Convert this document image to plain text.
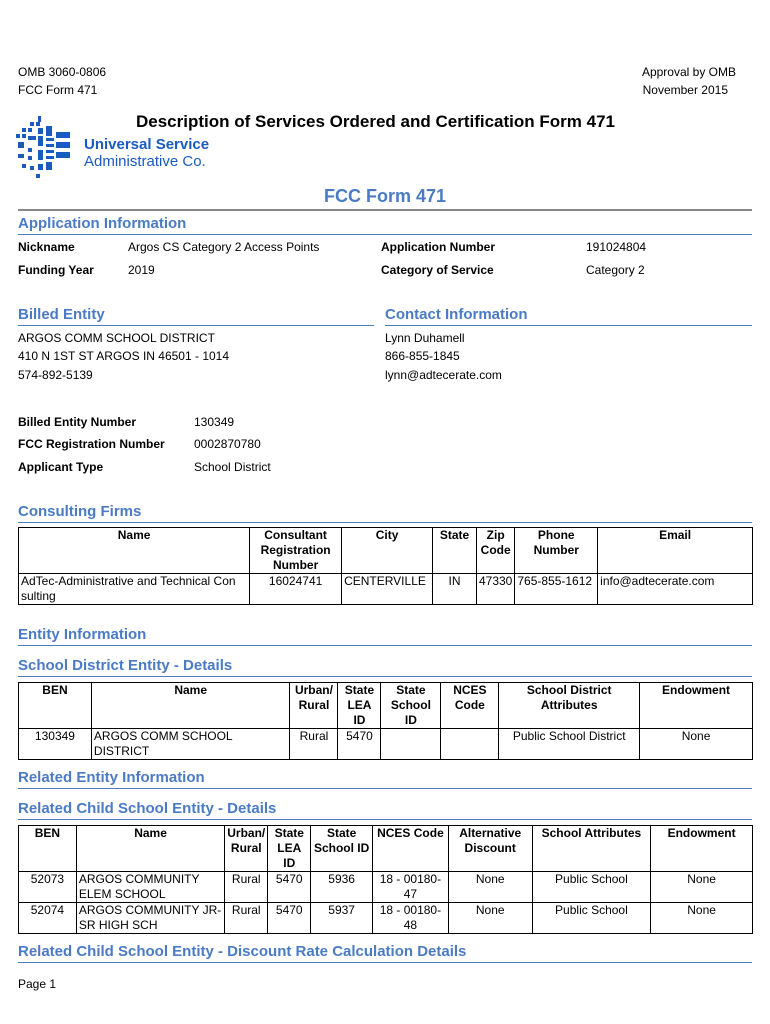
OMB 3060-0806
FCC Form 471
Approval by OMB
November 2015
Universal Service
Administrative Co.
Description of Services Ordered and Certification Form 471
FCC Form 471
Application Information
Nickname	Argos CS Category 2 Access Points	Application Number	191024804
Funding Year	2019	Category of Service	Category 2
Billed Entity	Contact Information
ARGOS COMM SCHOOL DISTRICT
410 N 1ST ST ARGOS IN 46501 - 1014
574-892-5139
Lynn Duhamell
866-855-1845
lynn@adtecerate.com
Billed Entity Number	130349
FCC Registration Number 0002870780
Applicant Type	School District
Consulting Firms
Name	Consultant Registration Number	City	State	Zip Code	Phone Number	Email
AdTec-Administrative and Technical Con sulting	16024741	CENTERVILLE	IN	47330	765-855-1612	info@adtecerate.com
Entity Information
School District Entity - Details
BEN	Name	Urban/ Rural	State LEA ID	State School ID	NCES Code	School District Attributes	Endowment
130349	ARGOS COMM SCHOOL DISTRICT	Rural	5470			Public School District	None
Related Entity Information
Related Child School Entity - Details
BEN	Name	Urban/ Rural	State LEA ID	State School ID	NCES Code	Alternative Discount	School Attributes	Endowment
52073	ARGOS COMMUNITY ELEM SCHOOL	Rural	5470	5936	18 - 00180- 47	None	Public School	None
52074	ARGOS COMMUNITY JR-SR HIGH SCH	Rural	5470	5937	18 - 00180- 48	None	Public School	None
Related Child School Entity - Discount Rate Calculation Details
Page 1
